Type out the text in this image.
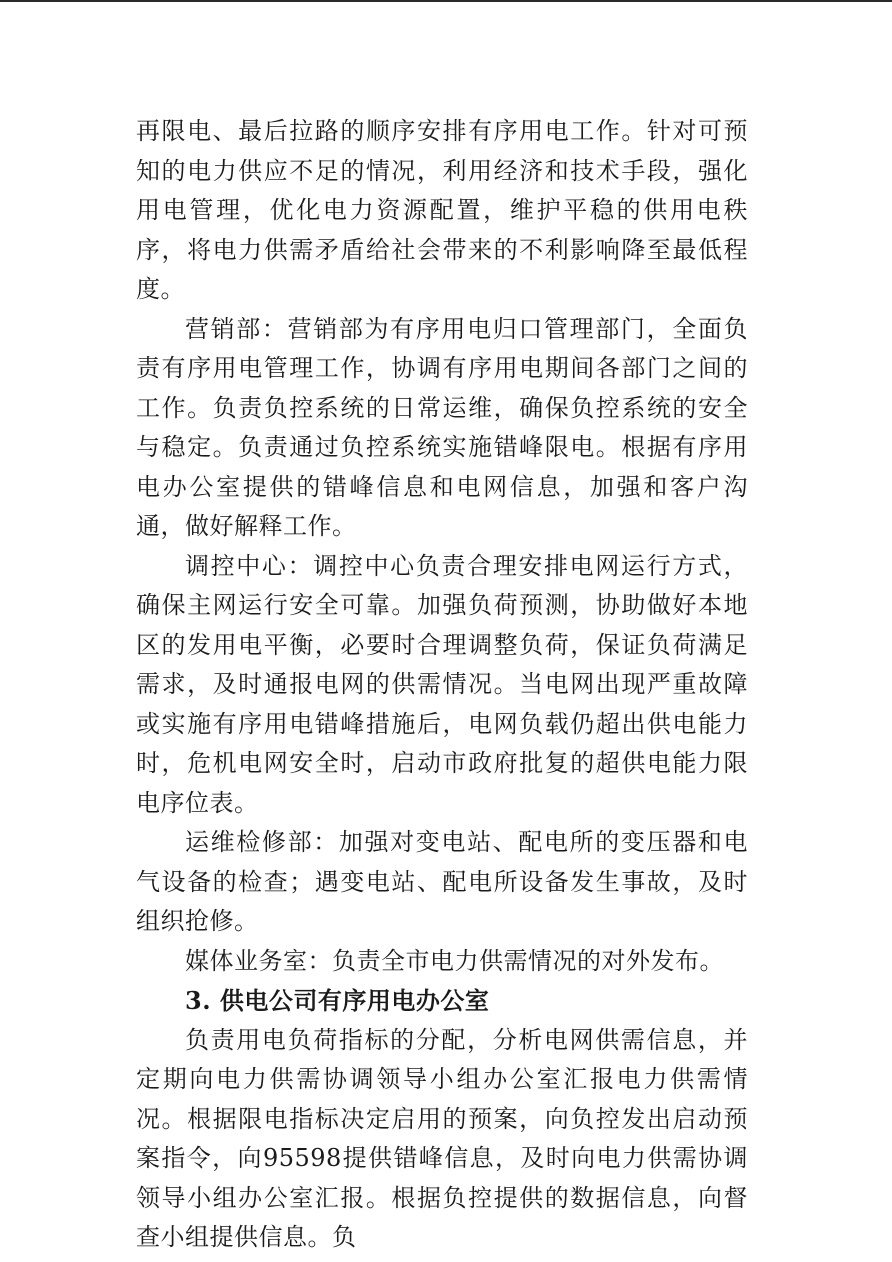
再限电、最后拉路的顺序安排有序用电工作。针对可预知的电力供应不足的情况，利用经济和技术手段，强化用电管理，优化电力资源配置，维护平稳的供用电秩序，将电力供需矛盾给社会带来的不利影响降至最低程度。

营销部：营销部为有序用电归口管理部门，全面负责有序用电管理工作，协调有序用电期间各部门之间的工作。负责负控系统的日常运维，确保负控系统的安全与稳定。负责通过负控系统实施错峰限电。根据有序用电办公室提供的错峰信息和电网信息，加强和客户沟通，做好解释工作。

调控中心：调控中心负责合理安排电网运行方式，确保主网运行安全可靠。加强负荷预测，协助做好本地区的发用电平衡，必要时合理调整负荷，保证负荷满足需求，及时通报电网的供需情况。当电网出现严重故障或实施有序用电错峰措施后，电网负载仍超出供电能力时，危机电网安全时，启动市政府批复的超供电能力限电序位表。

运维检修部：加强对变电站、配电所的变压器和电气设备的检查；遇变电站、配电所设备发生事故，及时组织抢修。

媒体业务室：负责全市电力供需情况的对外发布。

3. 供电公司有序用电办公室

负责用电负荷指标的分配，分析电网供需信息，并定期向电力供需协调领导小组办公室汇报电力供需情况。根据限电指标决定启用的预案，向负控发出启动预案指令，向95598提供错峰信息，及时向电力供需协调领导小组办公室汇报。根据负控提供的数据信息，向督查小组提供信息。负
